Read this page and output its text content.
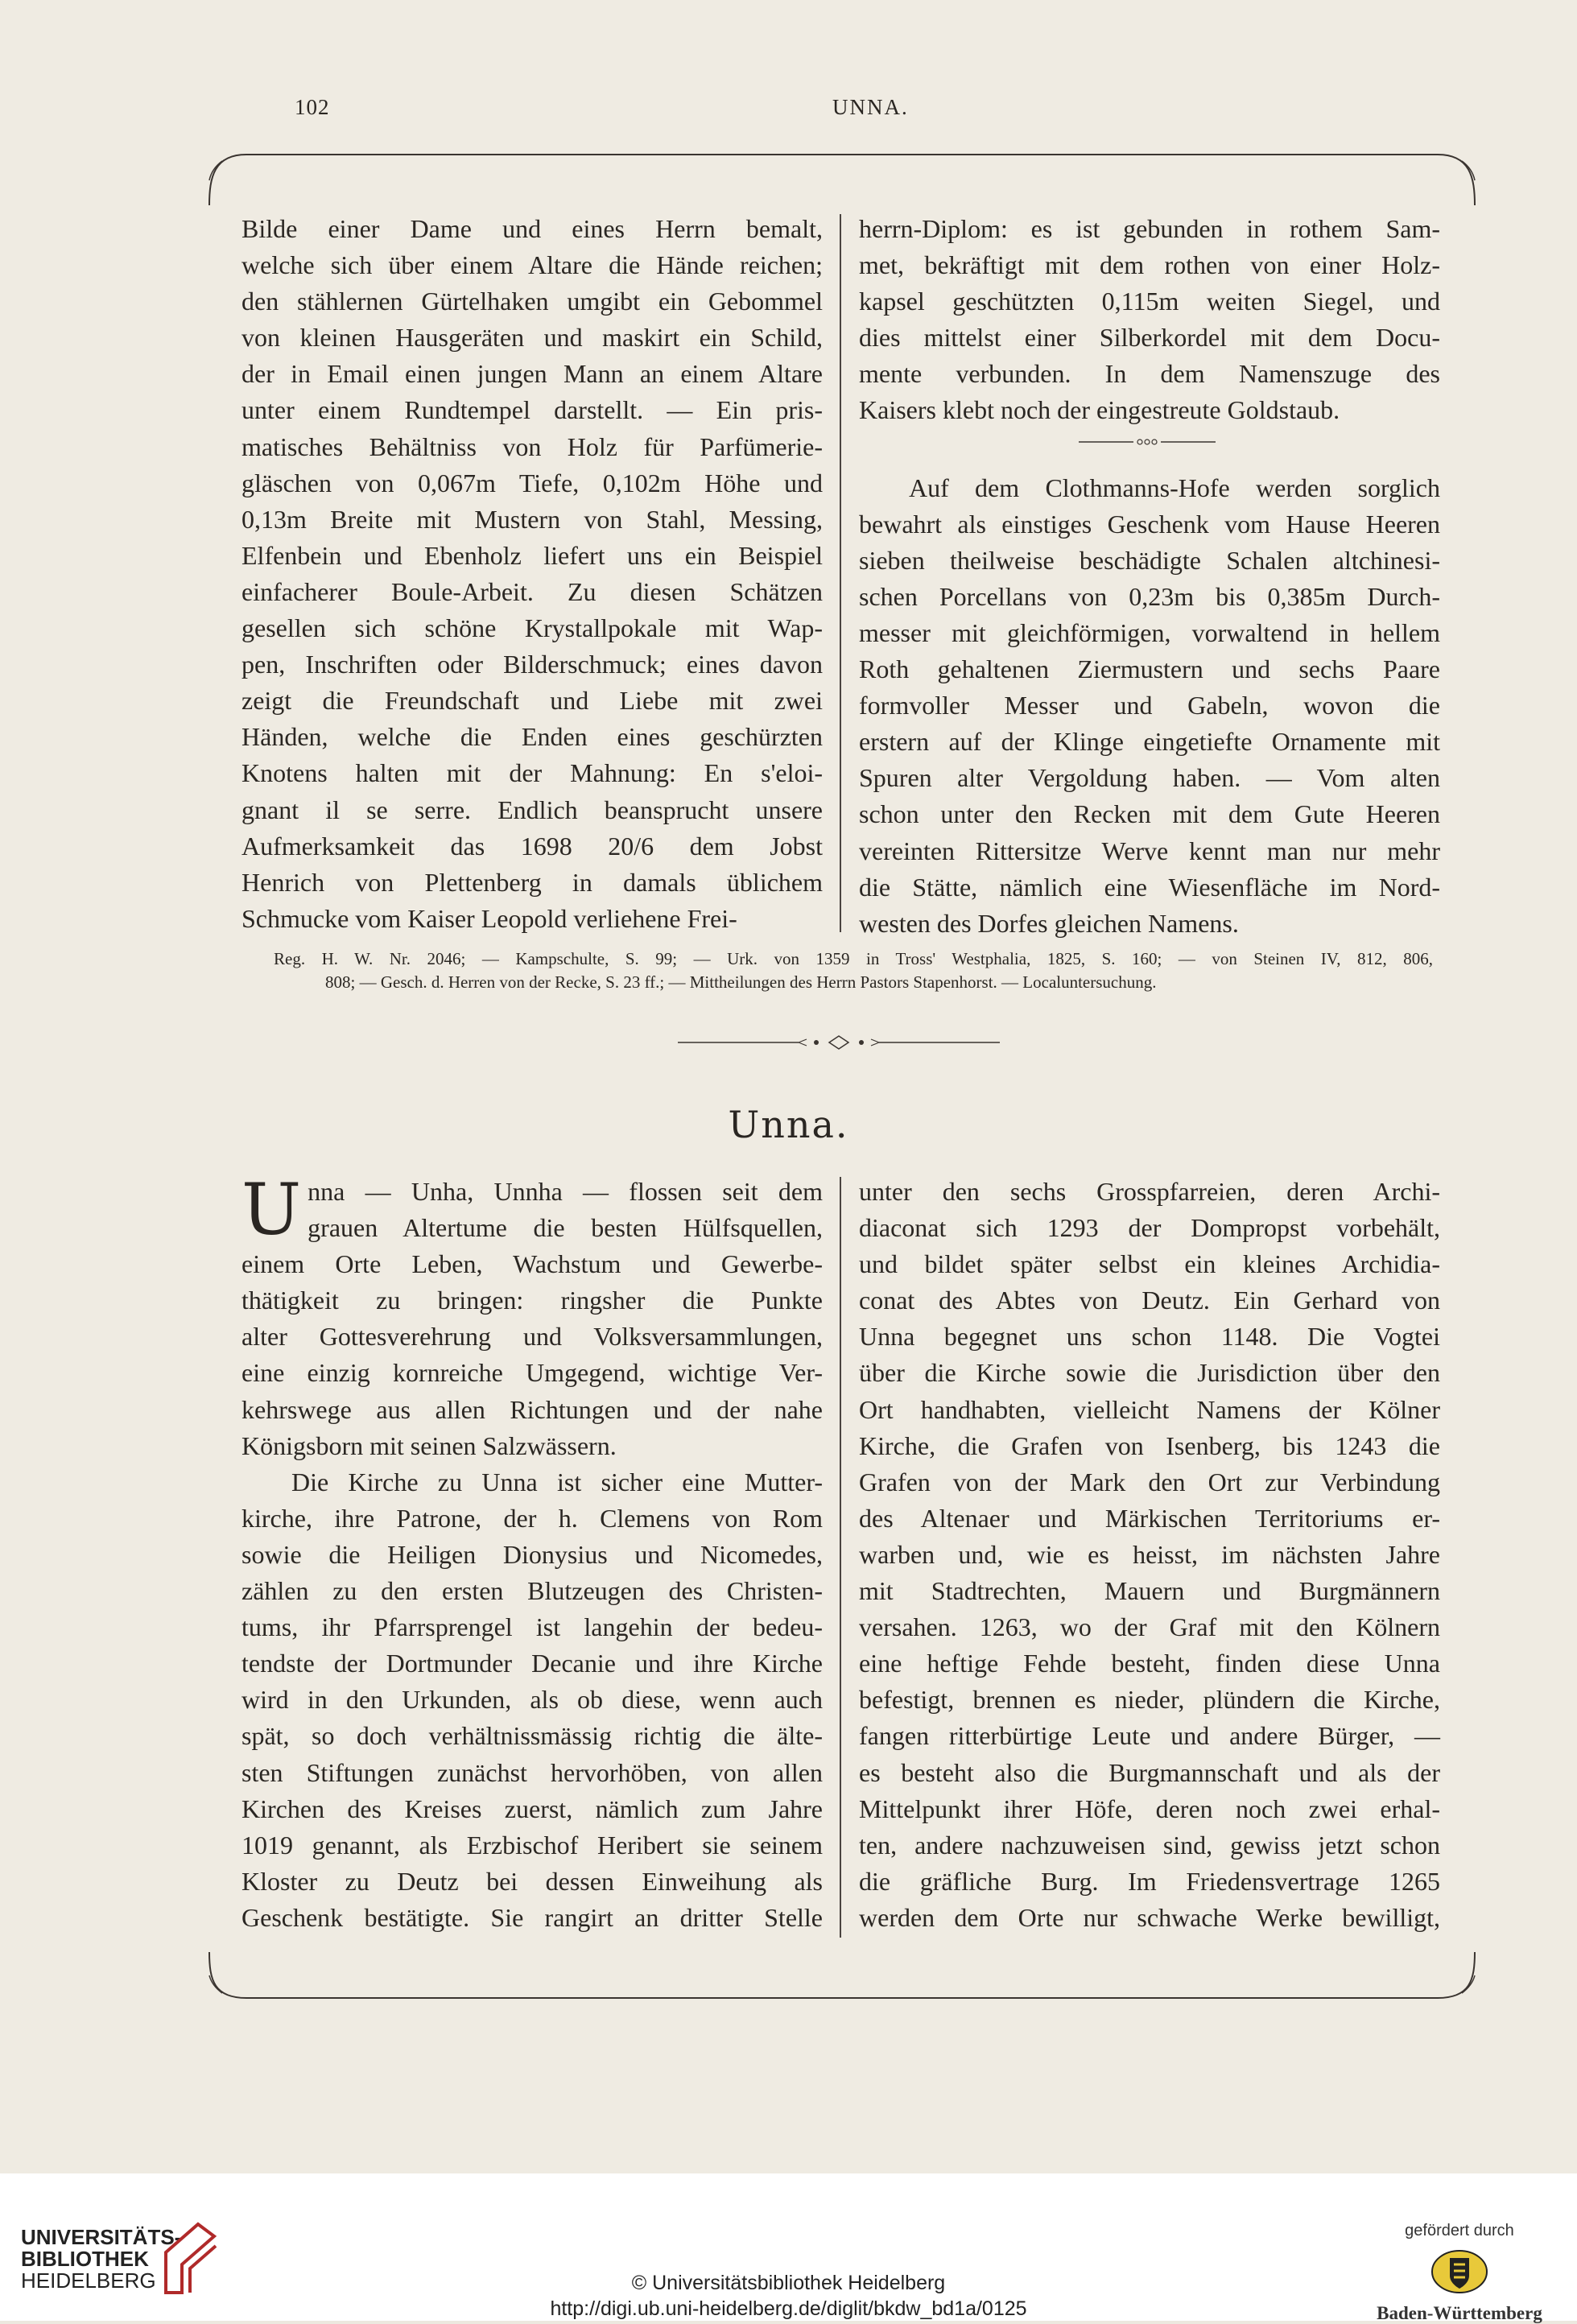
102	UNNA.
Bilde einer Dame und eines Herrn bemalt,
welche sich über einem Altare die Hände reichen;
den stählernen Gürtelhaken umgibt ein Gebommel
von kleinen Hausgeräten und maskirt ein Schild,
der in Email einen jungen Mann an einem Altare
unter einem Rundtempel darstellt. — Ein pris-
matisches Behältniss von Holz für Parfümerie-
gläschen von 0,067m Tiefe, 0,102m Höhe und
0,13m Breite mit Mustern von Stahl, Messing,
Elfenbein und Ebenholz liefert uns ein Beispiel
einfacherer Boule-Arbeit. Zu diesen Schätzen
gesellen sich schöne Krystallpokale mit Wap-
pen, Inschriften oder Bilderschmuck; eines davon
zeigt die Freundschaft und Liebe mit zwei
Händen, welche die Enden eines geschürzten
Knotens halten mit der Mahnung: En s'eloi-
gnant il se serre. Endlich beansprucht unsere
Aufmerksamkeit das 1698 20/6 dem Jobst
Henrich von Plettenberg in damals üblichem
Schmucke vom Kaiser Leopold verliehene Frei-
herrn-Diplom: es ist gebunden in rothem Sam-
met, bekräftigt mit dem rothen von einer Holz-
kapsel geschützten 0,115m weiten Siegel, und
dies mittelst einer Silberkordel mit dem Docu-
mente verbunden. In dem Namenszuge des
Kaisers klebt noch der eingestreute Goldstaub.
Auf dem Clothmanns-Hofe werden sorglich
bewahrt als einstiges Geschenk vom Hause Heeren
sieben theilweise beschädigte Schalen altchinesi-
schen Porcellans von 0,23m bis 0,385m Durch-
messer mit gleichförmigen, vorwaltend in hellem
Roth gehaltenen Ziermustern und sechs Paare
formvoller Messer und Gabeln, wovon die
erstern auf der Klinge eingetiefte Ornamente mit
Spuren alter Vergoldung haben. — Vom alten
schon unter den Recken mit dem Gute Heeren
vereinten Rittersitze Werve kennt man nur mehr
die Stätte, nämlich eine Wiesenfläche im Nord-
westen des Dorfes gleichen Namens.
Reg. H. W. Nr. 2046; — Kampschulte, S. 99; — Urk. von 1359 in Tross' Westphalia, 1825, S. 160; — von Steinen IV, 812, 806,
808; — Gesch. d. Herren von der Recke, S. 23 ff.; — Mittheilungen des Herrn Pastors Stapenhorst. — Localuntersuchung.
Unna.
U nna — Unha, Unnha — flossen seit dem
grauen Altertume die besten Hülfsquellen,
einem Orte Leben, Wachstum und Gewerbe-
thätigkeit zu bringen: ringsher die Punkte
alter Gottesverehrung und Volksversammlungen,
eine einzig kornreiche Umgegend, wichtige Ver-
kehrswege aus allen Richtungen und der nahe
Königsborn mit seinen Salzwässern.
Die Kirche zu Unna ist sicher eine Mutter-
kirche, ihre Patrone, der h. Clemens von Rom
sowie die Heiligen Dionysius und Nicomedes,
zählen zu den ersten Blutzeugen des Christen-
tums, ihr Pfarrsprengel ist langehin der bedeu-
tendste der Dortmunder Decanie und ihre Kirche
wird in den Urkunden, als ob diese, wenn auch
spät, so doch verhältnissmässig richtig die älte-
sten Stiftungen zunächst hervorhöben, von allen
Kirchen des Kreises zuerst, nämlich zum Jahre
1019 genannt, als Erzbischof Heribert sie seinem
Kloster zu Deutz bei dessen Einweihung als
Geschenk bestätigte. Sie rangirt an dritter Stelle
unter den sechs Grosspfarreien, deren Archi-
diaconat sich 1293 der Dompropst vorbehält,
und bildet später selbst ein kleines Archidia-
conat des Abtes von Deutz. Ein Gerhard von
Unna begegnet uns schon 1148. Die Vogtei
über die Kirche sowie die Jurisdiction über den
Ort handhabten, vielleicht Namens der Kölner
Kirche, die Grafen von Isenberg, bis 1243 die
Grafen von der Mark den Ort zur Verbindung
des Altenaer und Märkischen Territoriums er-
warben und, wie es heisst, im nächsten Jahre
mit Stadtrechten, Mauern und Burgmännern
versahen. 1263, wo der Graf mit den Kölnern
eine heftige Fehde besteht, finden diese Unna
befestigt, brennen es nieder, plündern die Kirche,
fangen ritterbürtige Leute und andere Bürger, —
es besteht also die Burgmannschaft und als der
Mittelpunkt ihrer Höfe, deren noch zwei erhal-
ten, andere nachzuweisen sind, gewiss jetzt schon
die gräfliche Burg. Im Friedensvertrage 1265
werden dem Orte nur schwache Werke bewilligt,
UNIVERSITÄTS-
BIBLIOTHEK
HEIDELBERG	© Universitätsbibliothek Heidelberg
http://digi.ub.uni-heidelberg.de/diglit/bkdw_bd1a/0125
gefördert durch
Baden-Württemberg
